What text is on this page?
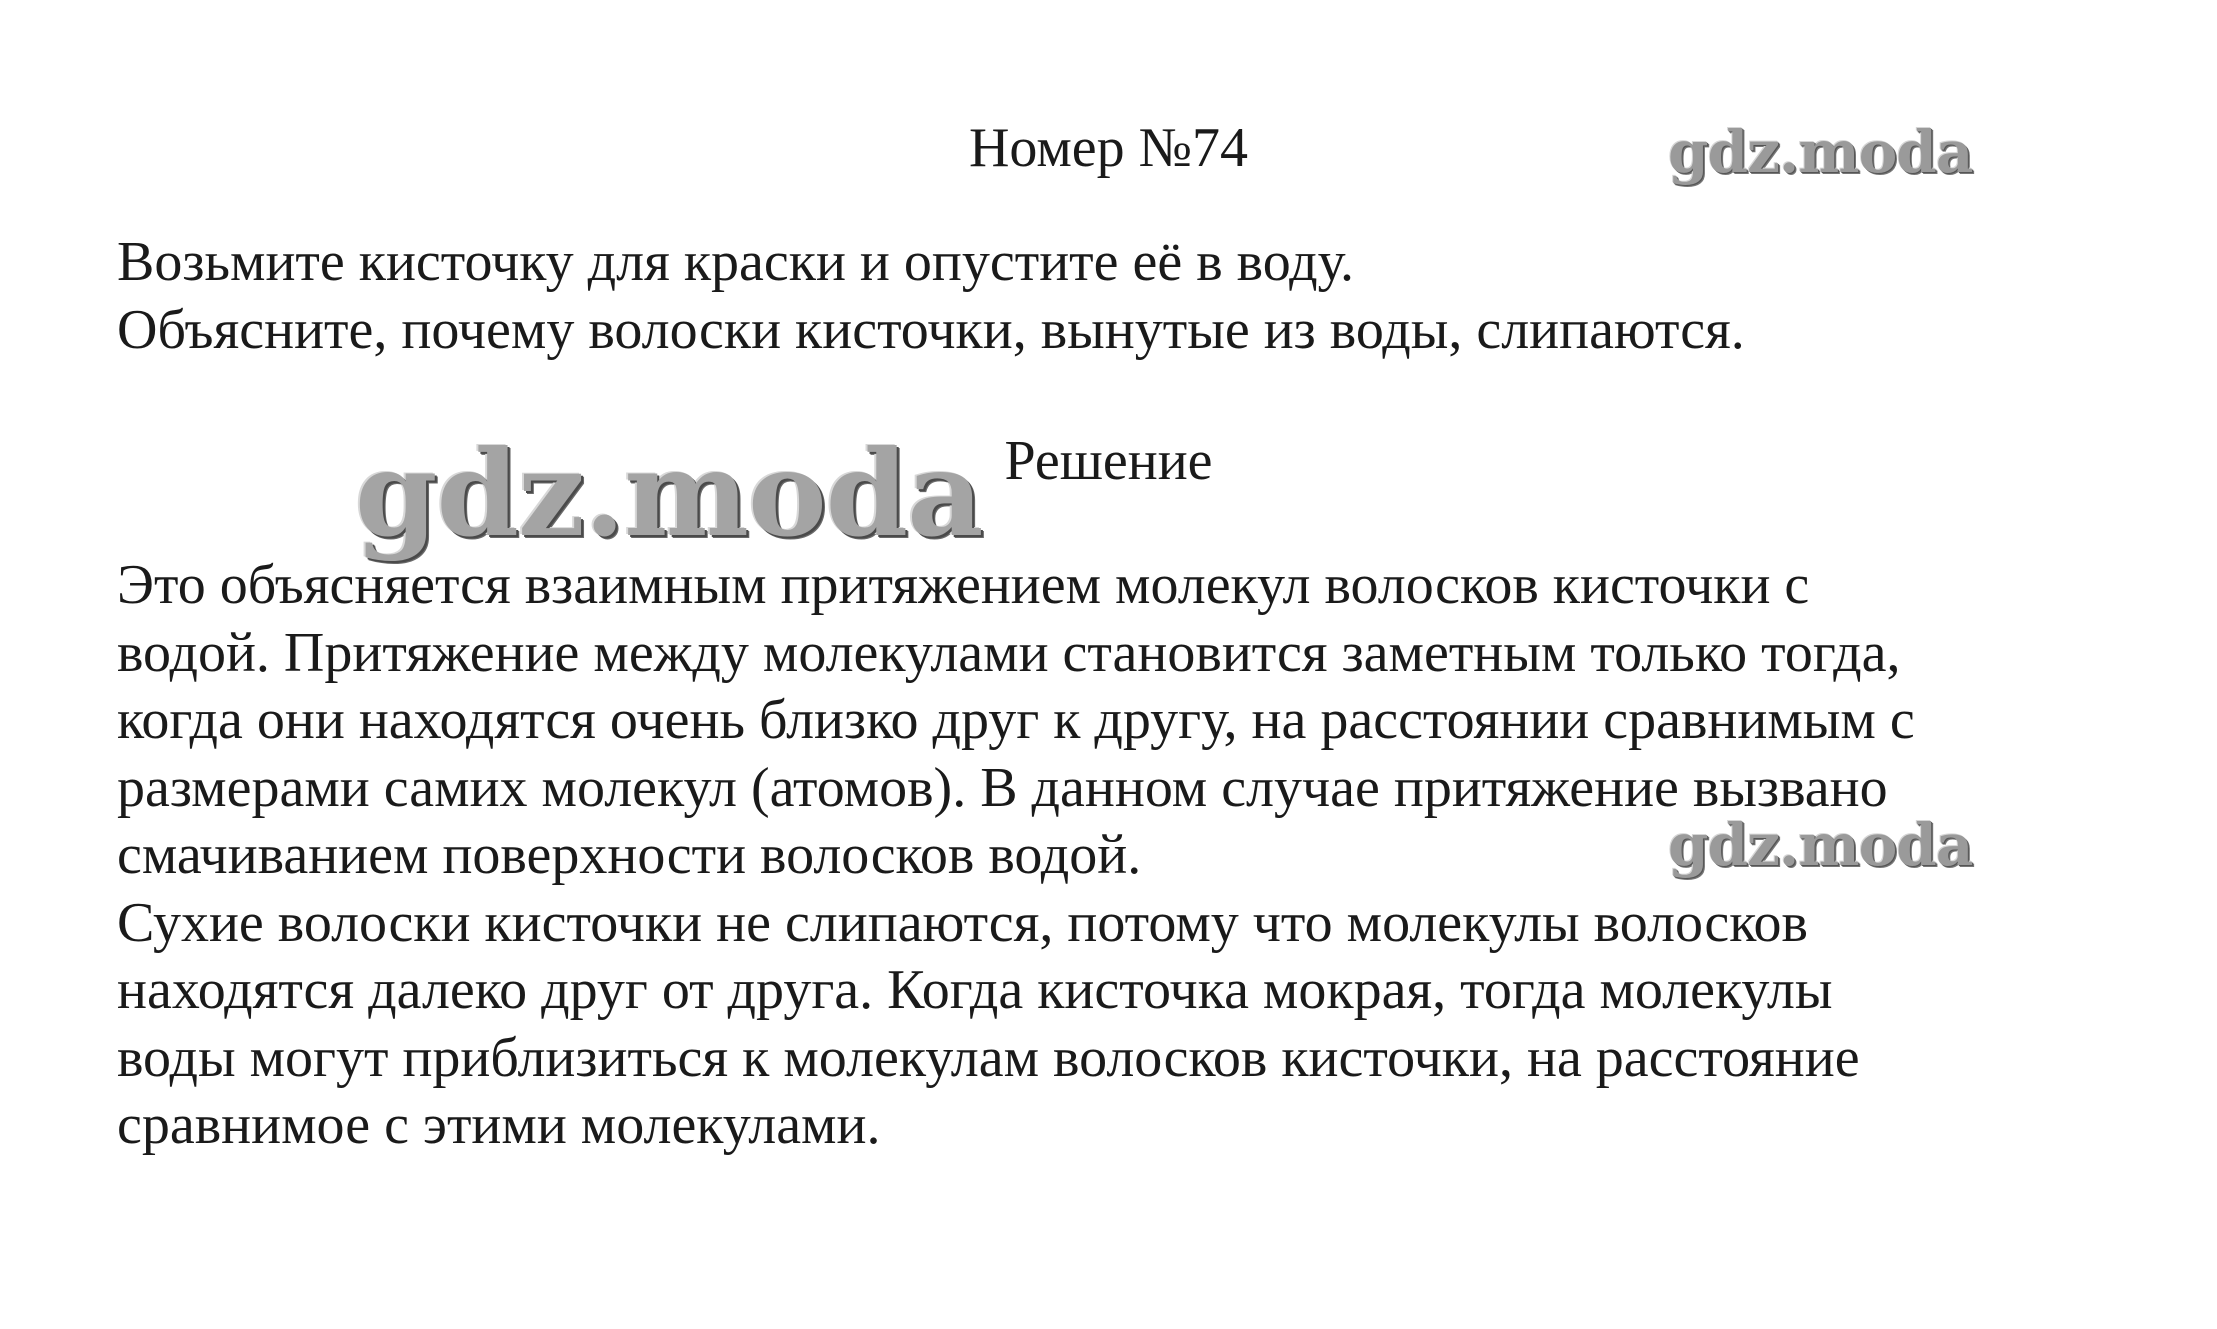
Номер №74	gdz.moda

Возьмите кисточку для краски и опустите её в воду.
Объясните, почему волоски кисточки, вынутые из воды, слипаются.

Решение
gdz.moda

Это объясняется взаимным притяжением молекул волосков кисточки с
водой. Притяжение между молекулами становится заметным только тогда,
когда они находятся очень близко друг к другу, на расстоянии сравнимым с
размерами самих молекул (атомов). В данном случае притяжение вызвано
смачиванием поверхности волосков водой.
Сухие волоски кисточки не слипаются, потому что молекулы волосков
находятся далеко друг от друга. Когда кисточка мокрая, тогда молекулы
воды могут приблизиться к молекулам волосков кисточки, на расстояние
сравнимое с этими молекулами.

gdz.moda
